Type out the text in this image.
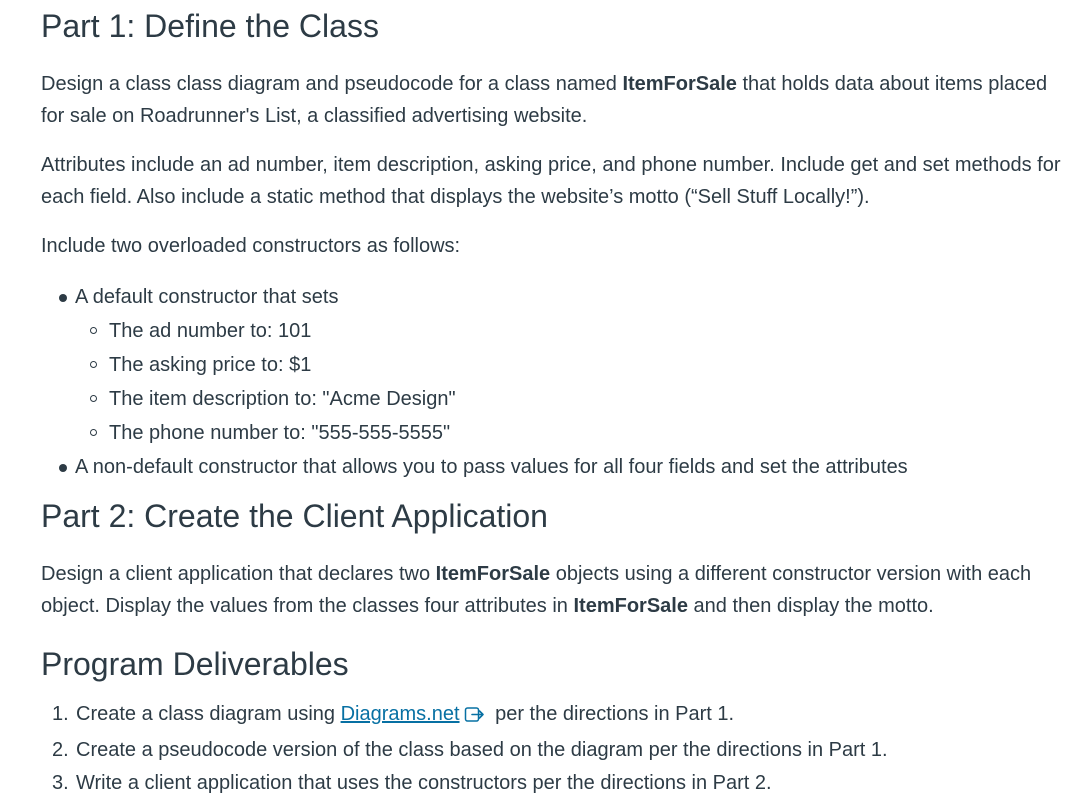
Part 1: Define the Class

Design a class class diagram and pseudocode for a class named ItemForSale that holds data about items placed for sale on Roadrunner's List, a classified advertising website.

Attributes include an ad number, item description, asking price, and phone number. Include get and set methods for each field. Also include a static method that displays the website’s motto (“Sell Stuff Locally!”).

Include two overloaded constructors as follows:

A default constructor that sets
The ad number to: 101
The asking price to: $1
The item description to: "Acme Design"
The phone number to: "555-555-5555"
A non-default constructor that allows you to pass values for all four fields and set the attributes
Part 2: Create the Client Application

Design a client application that declares two ItemForSale objects using a different constructor version with each object. Display the values from the classes four attributes in ItemForSale and then display the motto.

Program Deliverables
1. Create a class diagram using Diagrams.net per the directions in Part 1.
2. Create a pseudocode version of the class based on the diagram per the directions in Part 1.
3. Write a client application that uses the constructors per the directions in Part 2.
